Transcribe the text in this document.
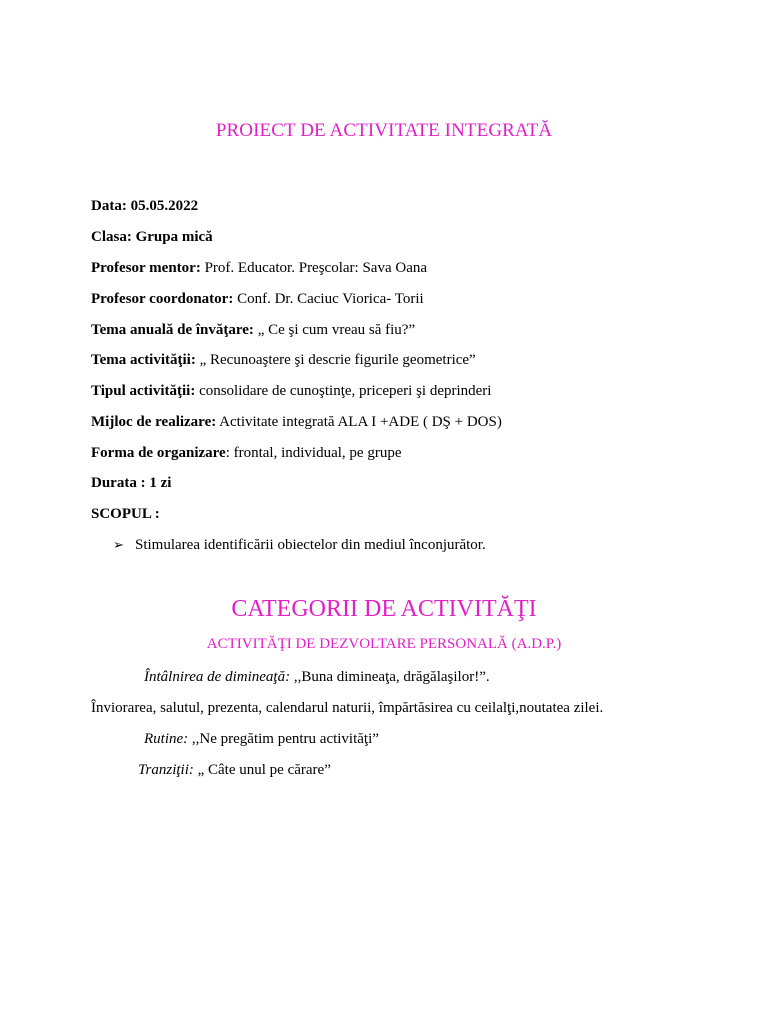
PROIECT DE ACTIVITATE INTEGRATĂ
Data: 05.05.2022
Clasa: Grupa mică
Profesor mentor: Prof. Educator. Preşcolar: Sava Oana
Profesor coordonator: Conf. Dr. Caciuc Viorica- Torii
Tema anuală de învăţare: „ Ce şi cum vreau să fiu?”
Tema activităţii: „ Recunoaştere şi descrie figurile geometrice”
Tipul activităţii: consolidare de cunoştinţe, priceperi şi deprinderi
Mijloc de realizare: Activitate integrată ALA I +ADE ( DŞ + DOS)
Forma de organizare: frontal, individual, pe grupe
Durata : 1 zi
SCOPUL :
➢ Stimularea identificării obiectelor din mediul înconjurător.
CATEGORII DE ACTIVITĂŢI
ACTIVITĂŢI DE DEZVOLTARE PERSONALĂ (A.D.P.)
Întâlnirea de dimineaţă: ,,Buna dimineaţa, drăgălaşilor!”.
Înviorarea, salutul, prezenta, calendarul naturii, împărtăsirea cu ceilalţi,noutatea zilei.
Rutine: ,,Ne pregătim pentru activităţi”
Tranziţii: „ Câte unul pe cărare”
